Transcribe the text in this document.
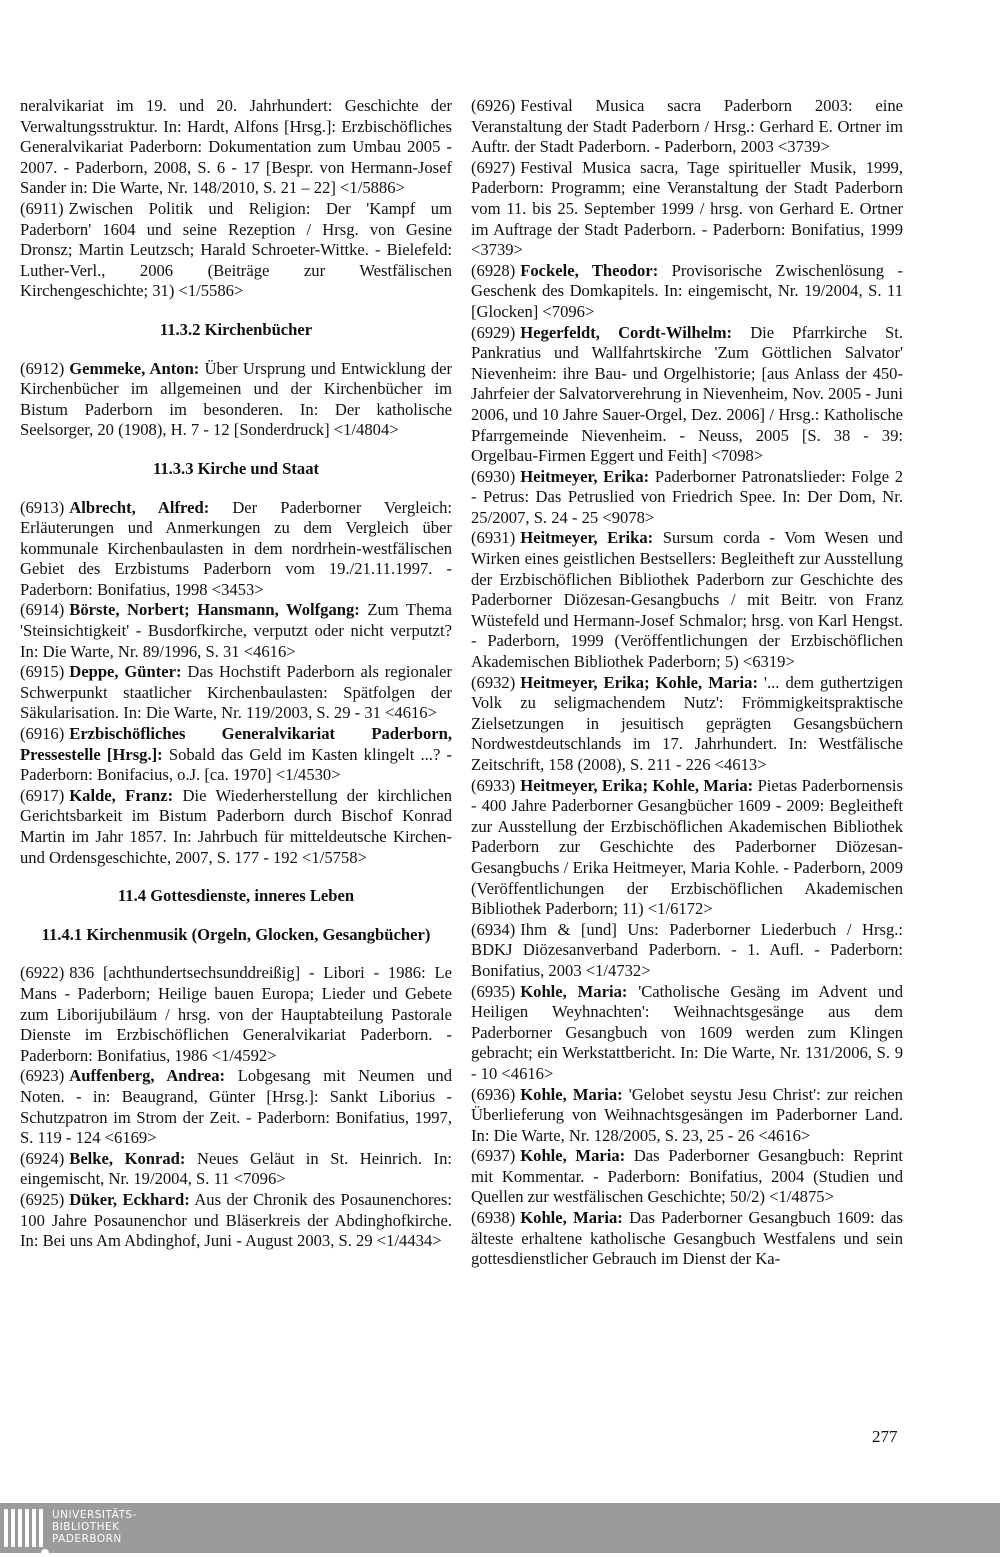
neralvikariat im 19. und 20. Jahrhundert: Geschichte der Verwaltungsstruktur. In: Hardt, Alfons [Hrsg.]: Erzbischöfliches Generalvikariat Paderborn: Dokumentation zum Umbau 2005 - 2007. - Paderborn, 2008, S. 6 - 17 [Bespr. von Hermann-Josef Sander in: Die Warte, Nr. 148/2010, S. 21 – 22] <1/5886>

(6911) Zwischen Politik und Religion: Der 'Kampf um Paderborn' 1604 und seine Rezeption / Hrsg. von Gesine Dronsz; Martin Leutzsch; Harald Schroeter-Wittke. - Bielefeld: Luther-Verl., 2006 (Beiträge zur Westfälischen Kirchengeschichte; 31) <1/5586>

11.3.2 Kirchenbücher

(6912) Gemmeke, Anton: Über Ursprung und Entwicklung der Kirchenbücher im allgemeinen und der Kirchenbücher im Bistum Paderborn im besonderen. In: Der katholische Seelsorger, 20 (1908), H. 7 - 12 [Sonderdruck] <1/4804>

11.3.3 Kirche und Staat

(6913) Albrecht, Alfred: Der Paderborner Vergleich: Erläuterungen und Anmerkungen zu dem Vergleich über kommunale Kirchenbaulasten in dem nordrhein-westfälischen Gebiet des Erzbistums Paderborn vom 19./21.11.1997. - Paderborn: Bonifatius, 1998 <3453>

(6914) Börste, Norbert; Hansmann, Wolfgang: Zum Thema 'Steinsichtigkeit' - Busdorfkirche, verputzt oder nicht verputzt? In: Die Warte, Nr. 89/1996, S. 31 <4616>

(6915) Deppe, Günter: Das Hochstift Paderborn als regionaler Schwerpunkt staatlicher Kirchenbaulasten: Spätfolgen der Säkularisation. In: Die Warte, Nr. 119/2003, S. 29 - 31 <4616>

(6916) Erzbischöfliches Generalvikariat Paderborn, Pressestelle [Hrsg.]: Sobald das Geld im Kasten klingelt ...? - Paderborn: Bonifacius, o.J. [ca. 1970] <1/4530>

(6917) Kalde, Franz: Die Wiederherstellung der kirchlichen Gerichtsbarkeit im Bistum Paderborn durch Bischof Konrad Martin im Jahr 1857. In: Jahrbuch für mitteldeutsche Kirchen- und Ordensgeschichte, 2007, S. 177 - 192 <1/5758>

11.4 Gottesdienste, inneres Leben

11.4.1 Kirchenmusik (Orgeln, Glocken, Gesangbücher)

(6922) 836 [achthundertsechsunddreißig] - Libori - 1986: Le Mans - Paderborn; Heilige bauen Europa; Lieder und Gebete zum Liborijubiläum / hrsg. von der Hauptabteilung Pastorale Dienste im Erzbischöflichen Generalvikariat Paderborn. - Paderborn: Bonifatius, 1986 <1/4592>

(6923) Auffenberg, Andrea: Lobgesang mit Neumen und Noten. - in: Beaugrand, Günter [Hrsg.]: Sankt Liborius - Schutzpatron im Strom der Zeit. - Paderborn: Bonifatius, 1997, S. 119 - 124 <6169>

(6924) Belke, Konrad: Neues Geläut in St. Heinrich. In: eingemischt, Nr. 19/2004, S. 11 <7096>

(6925) Düker, Eckhard: Aus der Chronik des Posaunenchores: 100 Jahre Posaunenchor und Bläserkreis der Abdinghofkirche. In: Bei uns Am Abdinghof, Juni - August 2003, S. 29 <1/4434>

(6926) Festival Musica sacra Paderborn 2003: eine Veranstaltung der Stadt Paderborn / Hrsg.: Gerhard E. Ortner im Auftr. der Stadt Paderborn. - Paderborn, 2003 <3739>

(6927) Festival Musica sacra, Tage spiritueller Musik, 1999, Paderborn: Programm; eine Veranstaltung der Stadt Paderborn vom 11. bis 25. September 1999 / hrsg. von Gerhard E. Ortner im Auftrage der Stadt Paderborn. - Paderborn: Bonifatius, 1999 <3739>

(6928) Fockele, Theodor: Provisorische Zwischenlösung - Geschenk des Domkapitels. In: eingemischt, Nr. 19/2004, S. 11 [Glocken] <7096>

(6929) Hegerfeldt, Cordt-Wilhelm: Die Pfarrkirche St. Pankratius und Wallfahrtskirche 'Zum Göttlichen Salvator' Nievenheim: ihre Bau- und Orgelhistorie; [aus Anlass der 450-Jahrfeier der Salvatorverehrung in Nievenheim, Nov. 2005 - Juni 2006, und 10 Jahre Sauer-Orgel, Dez. 2006] / Hrsg.: Katholische Pfarrgemeinde Nievenheim. - Neuss, 2005 [S. 38 - 39: Orgelbau-Firmen Eggert und Feith] <7098>

(6930) Heitmeyer, Erika: Paderborner Patronatslieder: Folge 2 - Petrus: Das Petruslied von Friedrich Spee. In: Der Dom, Nr. 25/2007, S. 24 - 25 <9078>

(6931) Heitmeyer, Erika: Sursum corda - Vom Wesen und Wirken eines geistlichen Bestsellers: Begleitheft zur Ausstellung der Erzbischöflichen Bibliothek Paderborn zur Geschichte des Paderborner Diözesan-Gesangbuchs / mit Beitr. von Franz Wüstefeld und Hermann-Josef Schmalor; hrsg. von Karl Hengst. - Paderborn, 1999 (Veröffentlichungen der Erzbischöflichen Akademischen Bibliothek Paderborn; 5) <6319>

(6932) Heitmeyer, Erika; Kohle, Maria: '... dem guthertzigen Volk zu seligmachendem Nutz': Frömmigkeitspraktische Zielsetzungen in jesuitisch geprägten Gesangsbüchern Nordwestdeutschlands im 17. Jahrhundert. In: Westfälische Zeitschrift, 158 (2008), S. 211 - 226 <4613>

(6933) Heitmeyer, Erika; Kohle, Maria: Pietas Paderbornensis - 400 Jahre Paderborner Gesangbücher 1609 - 2009: Begleitheft zur Ausstellung der Erzbischöflichen Akademischen Bibliothek Paderborn zur Geschichte des Paderborner Diözesan-Gesangbuchs / Erika Heitmeyer, Maria Kohle. - Paderborn, 2009 (Veröffentlichungen der Erzbischöflichen Akademischen Bibliothek Paderborn; 11) <1/6172>

(6934) Ihm & [und] Uns: Paderborner Liederbuch / Hrsg.: BDKJ Diözesanverband Paderborn. - 1. Aufl. - Paderborn: Bonifatius, 2003 <1/4732>

(6935) Kohle, Maria: 'Catholische Gesäng im Advent und Heiligen Weyhnachten': Weihnachtsgesänge aus dem Paderborner Gesangbuch von 1609 werden zum Klingen gebracht; ein Werkstattbericht. In: Die Warte, Nr. 131/2006, S. 9 - 10 <4616>

(6936) Kohle, Maria: 'Gelobet seystu Jesu Christ': zur reichen Überlieferung von Weihnachtsgesängen im Paderborner Land. In: Die Warte, Nr. 128/2005, S. 23, 25 - 26 <4616>

(6937) Kohle, Maria: Das Paderborner Gesangbuch: Reprint mit Kommentar. - Paderborn: Bonifatius, 2004 (Studien und Quellen zur westfälischen Geschichte; 50/2) <1/4875>

(6938) Kohle, Maria: Das Paderborner Gesangbuch 1609: das älteste erhaltene katholische Gesangbuch Westfalens und sein gottesdienstlicher Gebrauch im Dienst der Ka-

277
UNIVERSITÄTS-
BIBLIOTHEK
PADERBORN
